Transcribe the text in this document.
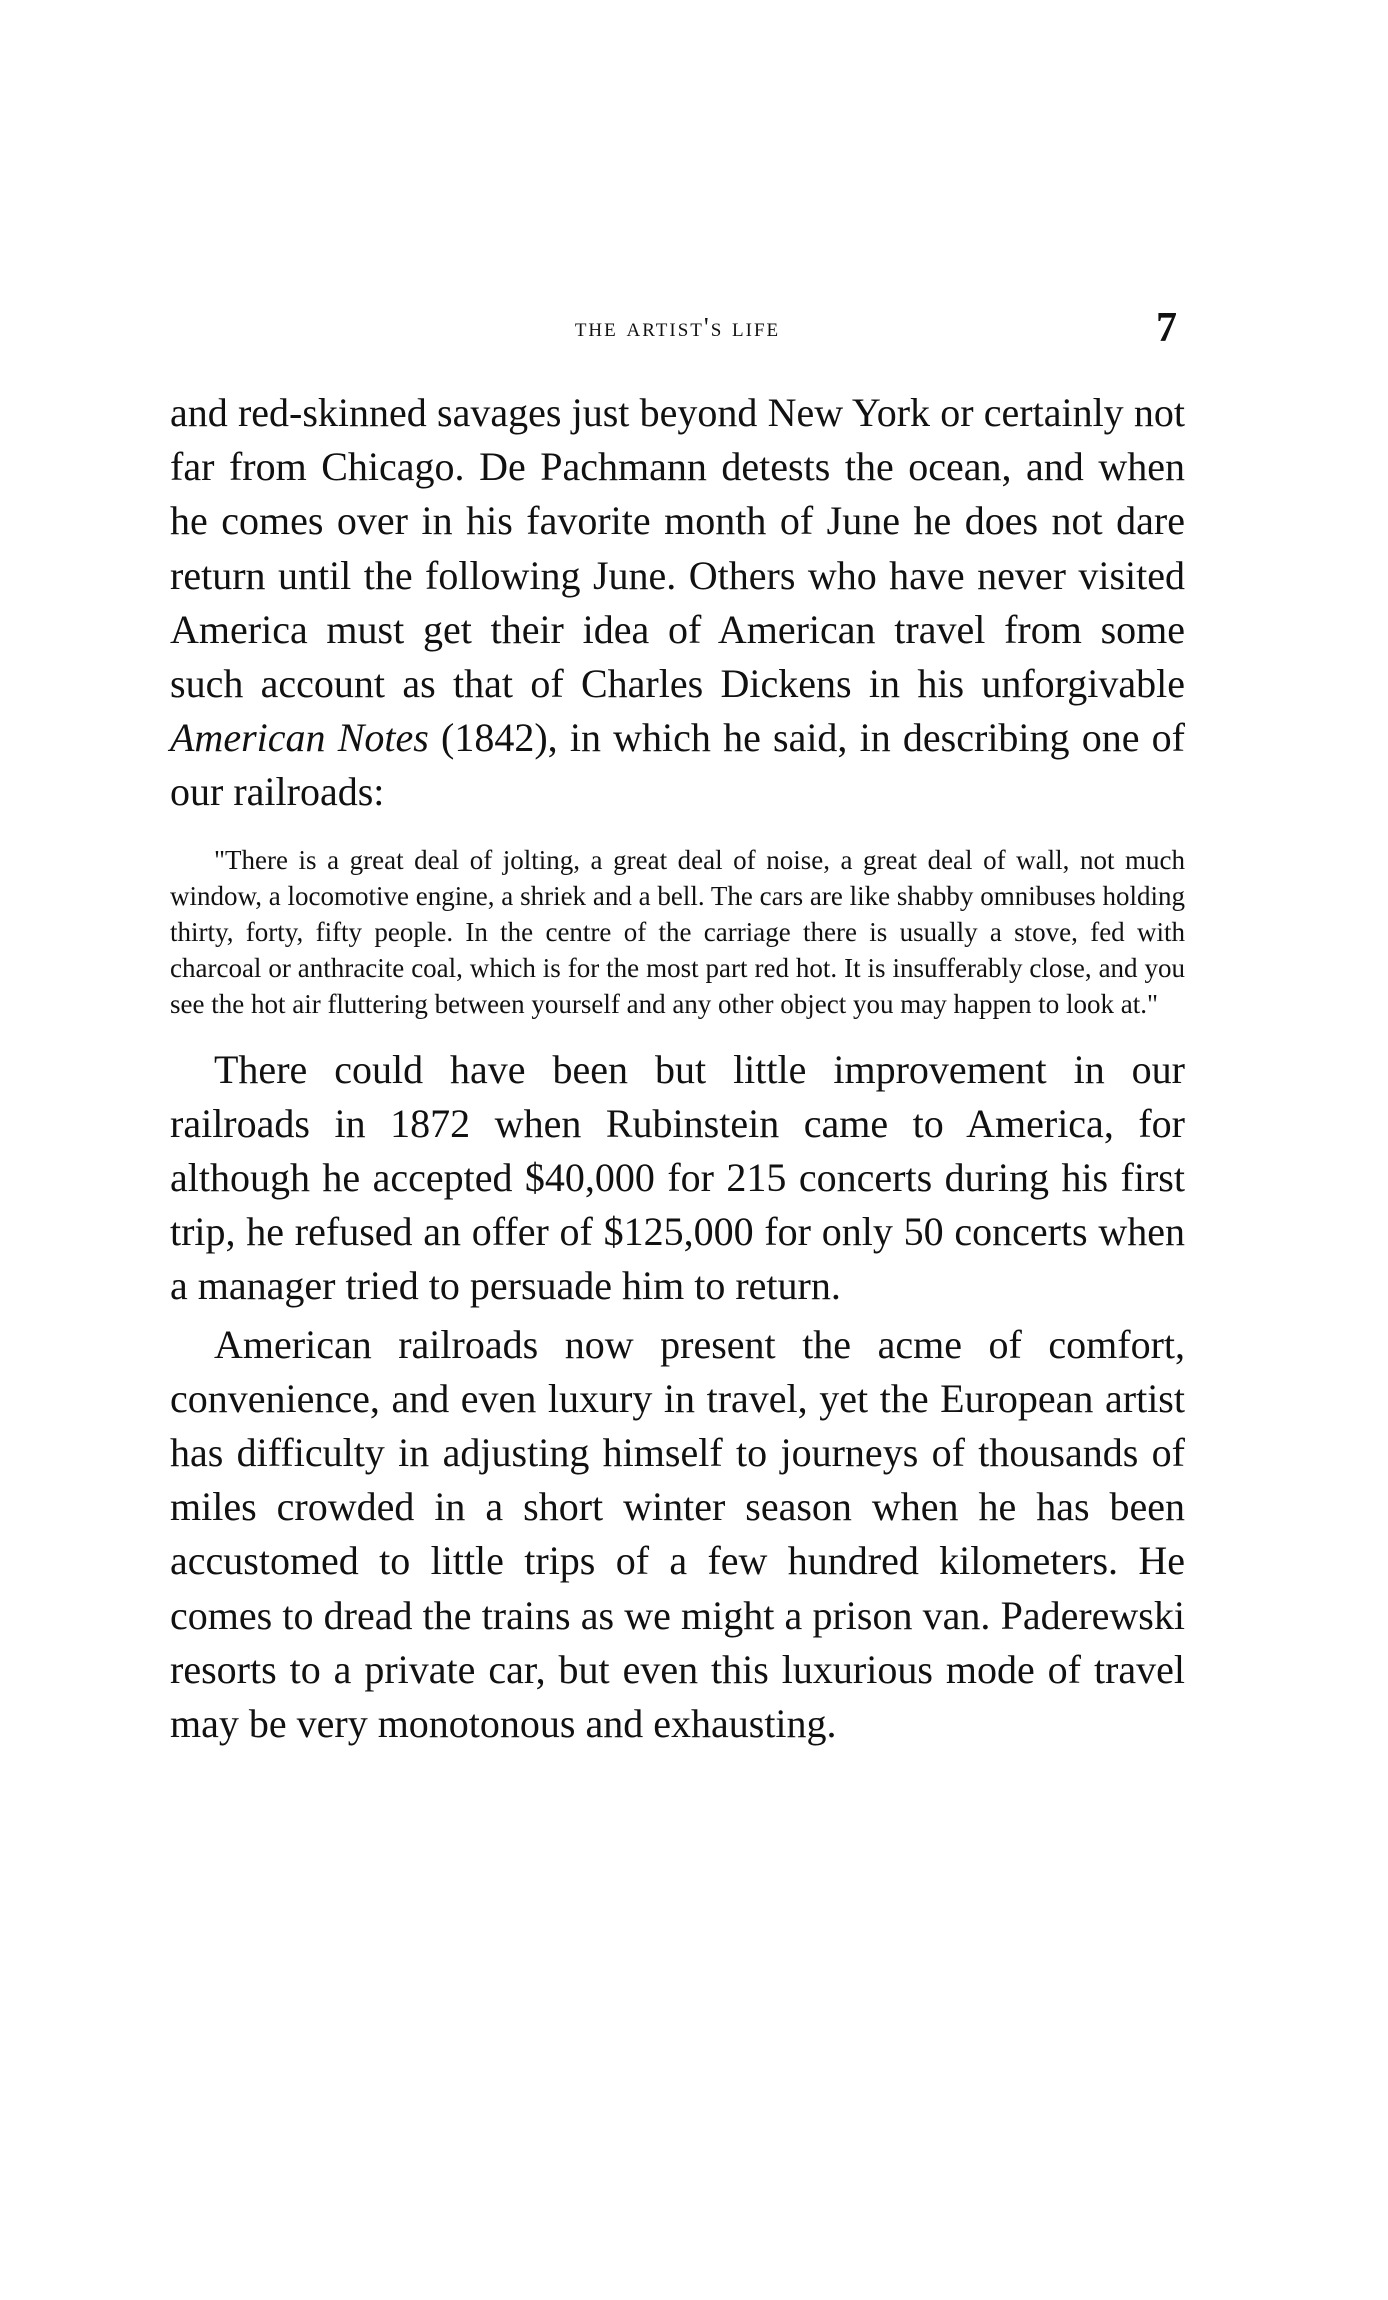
the artist's life	7

and red-skinned savages just beyond New York or certainly not far from Chicago. De Pachmann detests the ocean, and when he comes over in his favorite month of June he does not dare return until the following June. Others who have never visited America must get their idea of American travel from some such account as that of Charles Dickens in his unforgivable American Notes (1842), in which he said, in describing one of our railroads:

"There is a great deal of jolting, a great deal of noise, a great deal of wall, not much window, a locomotive engine, a shriek and a bell. The cars are like shabby omnibuses holding thirty, forty, fifty people. In the centre of the carriage there is usually a stove, fed with charcoal or anthracite coal, which is for the most part red hot. It is insufferably close, and you see the hot air fluttering between yourself and any other object you may happen to look at."

There could have been but little improvement in our railroads in 1872 when Rubinstein came to America, for although he accepted $40,000 for 215 concerts during his first trip, he refused an offer of $125,000 for only 50 concerts when a manager tried to persuade him to return.

American railroads now present the acme of comfort, convenience, and even luxury in travel, yet the European artist has difficulty in adjusting himself to journeys of thousands of miles crowded in a short winter season when he has been accustomed to little trips of a few hundred kilometers. He comes to dread the trains as we might a prison van. Paderewski resorts to a private car, but even this luxurious mode of travel may be very monotonous and exhausting.
